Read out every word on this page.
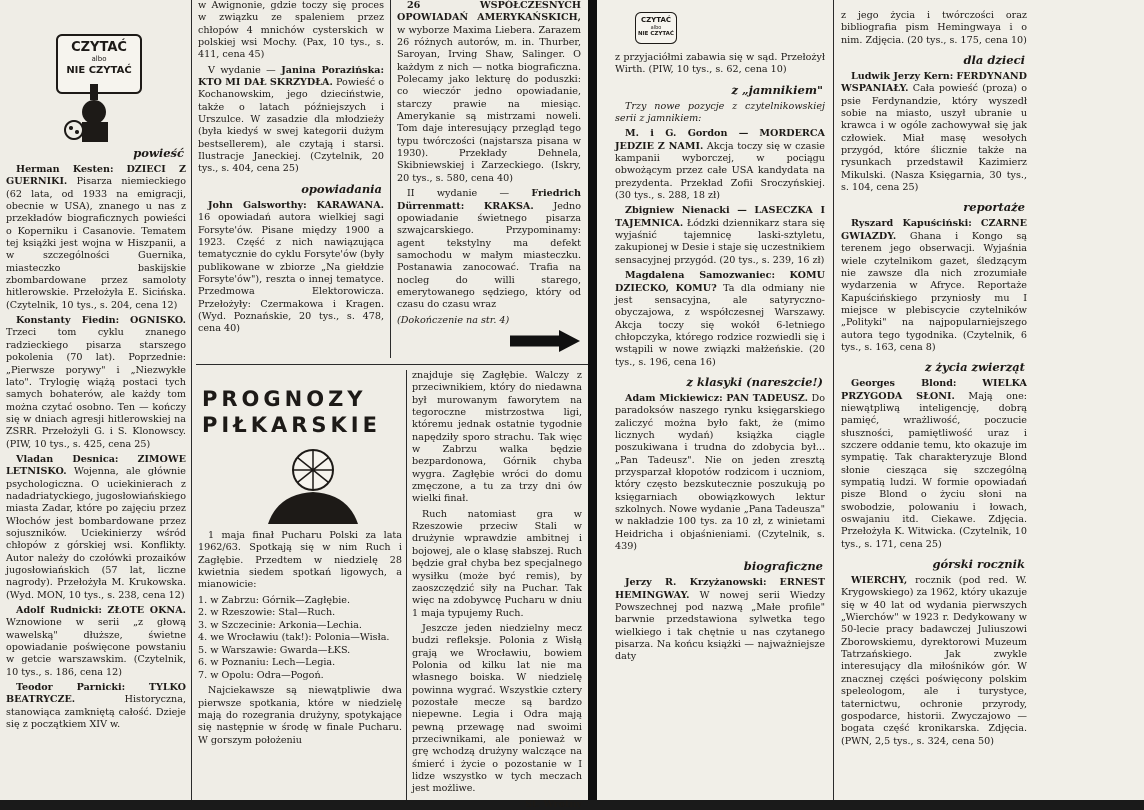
CZYTAĆ
albo
NIE CZYTAĆ
powieść

Herman Kesten: DZIECI Z GUERNIKI. Pisarza niemieckiego (62 lata, od 1933 na emigracji, obecnie w USA), znanego u nas z przekładów biograficznych powieści o Koperniku i Casanovie. Tematem tej książki jest wojna w Hiszpanii, a w szczególności Guernika, miasteczko baskijskie zbombardowane przez samoloty hitlerowskie. Przełożyła E. Sicińska. (Czytelnik, 10 tys., s. 204, cena 12)

Konstanty Fiedin: OGNISKO. Trzeci tom cyklu znanego radzieckiego pisarza starszego pokolenia (70 lat). Poprzednie: „Pierwsze porywy" i „Niezwykłe lato". Trylogię wiążą postaci tych samych bohaterów, ale każdy tom można czytać osobno. Ten — kończy się w dniach agresji hitlerowskiej na ZSRR. Przełożyli G. i S. Klonowscy. (PIW, 10 tys., s. 425, cena 25)

Vladan Desnica: ZIMOWE LETNISKO. Wojenna, ale głównie psychologiczna. O uciekinierach z nadadriatyckiego, jugosłowiańskiego miasta Zadar, które po zajęciu przez Włochów jest bombardowane przez sojuszników. Uciekinierzy wśród chłopów z górskiej wsi. Konflikty. Autor należy do czołówki prozaików jugosłowiańskich (57 lat, liczne nagrody). Przełożyła M. Krukowska. (Wyd. MON, 10 tys., s. 238, cena 12)

Adolf Rudnicki: ZŁOTE OKNA. Wznowione w serii „z głową wawelską" dłuższe, świetne opowiadanie poświęcone powstaniu w getcie warszawskim. (Czytelnik, 10 tys., s. 186, cena 12)

Teodor Parnicki: TYLKO BEATRYCZE.	Historyczna, stanowiąca zamkniętą całość. Dzieje się z początkiem XIV w.

w Awignonie, gdzie toczy się proces w związku ze spaleniem przez chłopów 4 mnichów cysterskich w polskiej wsi Mochy. (Pax, 10 tys., s. 411, cena 45)

V wydanie — Janina Porazińska: KTO MI DAŁ SKRZYDŁA. Powieść o Kochanowskim, jego dzieciństwie, także o latach późniejszych i Urszulce. W zasadzie dla młodzieży (była kiedyś w swej kategorii dużym bestsellerem), ale czytają i starsi. Ilustracje Janeckiej. (Czytelnik, 20 tys., s. 404, cena 25)

opowiadania

John Galsworthy: KARAWANA. 16 opowiadań autora wielkiej sagi Forsyte'ów. Pisane między 1900 a 1923. Część z nich nawiązująca tematycznie do cyklu Forsyte'ów (były publikowane w zbiorze „Na giełdzie Forsyte'ów"), reszta o innej tematyce. Przedmowa Elektorowicza. Przełożyły: Czermakowa i Kragen. (Wyd. Poznańskie, 20 tys., s. 478, cena 40)

26 WSPÓŁCZESNYCH OPOWIADAŃ AMERYKAŃSKICH, w wyborze Maxima Liebera. Zarazem 26 różnych autorów, m. in. Thurber, Saroyan, Irving Shaw, Salinger. O każdym z nich — notka biograficzna. Polecamy jako lekturę do poduszki: co wieczór jedno opowiadanie, starczy prawie na miesiąc. Amerykanie są mistrzami noweli. Tom daje interesujący przegląd tego typu twórczości (najstarsza pisana w 1930). Przekłady Dehnela, Skibniewskiej i Zarzeckiego. (Iskry, 20 tys., s. 580, cena 40)

II wydanie — Friedrich Dürrenmatt: KRAKSA. Jedno opowiadanie świetnego pisarza szwajcarskiego. Przypominamy: agent tekstylny ma defekt samochodu w małym miasteczku. Postanawia zanocować. Trafia na nocleg do willi starego, emerytowanego sędziego, który od czasu do czasu wraz

(Dokończenie na str. 4)

PROGNOZY
PIŁKARSKIE

1 maja finał Pucharu Polski za lata 1962/63. Spotkają się w nim Ruch i Zagłębie. Przedtem w niedzielę 28 kwietnia siedem spotkań ligowych, a mianowicie:

1. w Zabrzu: Górnik—Zagłębie.
2. w Rzeszowie: Stal—Ruch.
3. w Szczecinie: Arkonia—Lechia.
4. we Wrocławiu (tak!): Polonia—Wisła.
5. w Warszawie: Gwarda—ŁKS.
6. w Poznaniu: Lech—Legia.
7. w Opolu: Odra—Pogoń.

Najciekawsze są niewątpliwie dwa pierwsze spotkania, które w niedzielę mają do rozegrania drużyny, spotykające się następnie w środę w finale Pucharu. W gorszym położeniu

znajduje się Zagłębie. Walczy z przeciwnikiem, który do niedawna był murowanym faworytem na tegoroczne mistrzostwa ligi, któremu jednak ostatnie tygodnie napędziły sporo strachu. Tak więc w Zabrzu walka będzie bezpardonowa, Górnik chyba wygra. Zagłębie wróci do domu zmęczone, a tu za trzy dni ów wielki finał.

Ruch natomiast gra w Rzeszowie przeciw Stali w drużynie wprawdzie ambitnej i bojowej, ale o klasę słabszej. Ruch będzie grał chyba bez specjalnego wysiłku (może być remis), by zaoszczędzić siły na Puchar. Tak więc na zdobywcę Pucharu w dniu 1 maja typujemy Ruch.

Jeszcze jeden niedzielny mecz budzi refleksje. Polonia z Wisłą grają we Wrocławiu, bowiem Polonia od kilku lat nie ma własnego boiska. W niedzielę powinna wygrać. Wszystkie cztery pozostałe mecze są bardzo niepewne. Legia i Odra mają pewną przewagę nad swoimi przeciwnikami, ale ponieważ w grę wchodzą drużyny walczące na śmierć i życie o pozostanie w I lidze wszystko w tych meczach jest możliwe.

St. Wrotny
CZYTAĆ
albo
NIE CZYTAĆ

z przyjaciółmi zabawia się w sąd. Przełożył Wirth. (PIW, 10 tys., s. 62, cena 10)

z „jamnikiem"

Trzy nowe pozycje z czytelnikowskiej serii z jamnikiem:

M. i G. Gordon — MORDERCA JEDZIE Z NAMI. Akcja toczy się w czasie kampanii wyborczej, w pociągu obwożącym przez całe USA kandydata na prezydenta. Przekład Zofii Sroczyńskiej. (30 tys., s. 288, 18 zł)

Zbigniew Nienacki — LASECZKA I TAJEMNICA. Łódzki dziennikarz stara się wyjaśnić tajemnicę laski-sztyletu, zakupionej w Desie i staje się uczestnikiem sensacyjnej przygód. (20 tys., s. 239, 16 zł)

Magdalena Samozwaniec: KOMU DZIECKO, KOMU? Ta dla odmiany nie jest sensacyjna, ale satyryczno-obyczajowa, z współczesnej Warszawy. Akcja toczy się wokół 6-letniego chłopczyka, którego rodzice rozwiedli się i wstąpili w nowe związki małżeńskie. (20 tys., s. 196, cena 16)

z klasyki (nareszcie!)

Adam Mickiewicz: PAN TADEUSZ. Do paradoksów naszego rynku księgarskiego zaliczyć można było fakt, że (mimo licznych wydań) książka ciągle poszukiwana i trudna do zdobycia był... „Pan Tadeusz". Nie on jeden zresztą przysparzał kłopotów rodzicom i uczniom, który często bezskutecznie poszukują po księgarniach obowiązkowych lektur szkolnych. Nowe wydanie „Pana Tadeusza" w nakładzie 100 tys. za 10 zł, z winietami Heidricha i objaśnieniami. (Czytelnik, s. 439)

biograficzne

Jerzy R. Krzyżanowski: ERNEST HEMINGWAY. W nowej serii Wiedzy Powszechnej pod nazwą „Małe profile" barwnie przedstawiona sylwetka tego wielkiego i tak chętnie u nas czytanego pisarza. Na końcu książki — najważniejsze daty

z jego życia i twórczości oraz bibliografia pism Hemingwaya i o nim. Zdjęcia. (20 tys., s. 175, cena 10)

dla dzieci

Ludwik Jerzy Kern: FERDYNAND WSPANIAŁY. Cała powieść (proza) o psie Ferdynandzie, który wyszedł sobie na miasto, uszył ubranie u krawca i w ogóle zachowywał się jak człowiek. Miał masę wesołych przygód, które ślicznie także na rysunkach przedstawił Kazimierz Mikulski. (Nasza Księgarnia, 30 tys., s. 104, cena 25)

reportaże

Ryszard Kapuściński: CZARNE GWIAZDY. Ghana i Kongo są terenem jego obserwacji. Wyjaśnia wiele czytelnikom gazet, śledzącym nie zawsze dla nich zrozumiałe wydarzenia w Afryce. Reportaże Kapuścińskiego przyniosły mu I miejsce w plebiscycie czytelników „Polityki" na najpopularniejszego autora tego tygodnika. (Czytelnik, 6 tys., s. 163, cena 8)

z życia zwierząt

Georges Blond:	WIELKA PRZYGODA SŁONI. Mają one: niewątpliwą inteligencję, dobrą pamięć, wrażliwość, poczucie słuszności, pamiętliwość uraz i szczere oddanie temu, kto okazuje im sympatię. Tak charakteryzuje Blond słonie ciesząca się szczególną sympatią ludzi. W formie opowiadań pisze Blond o życiu słoni na swobodzie, polowaniu i łowach, oswajaniu itd. Ciekawe. Zdjęcia. Przełożyła K. Witwicka. (Czytelnik, 10 tys., s. 171, cena 25)

górski rocznik

WIERCHY, rocznik (pod red. W. Krygowskiego) za 1962, który ukazuje się w 40 lat od wydania pierwszych „Wierchów" w 1923 r. Dedykowany w 50-lecie pracy badawczej Juliuszowi Zborowskiemu, dyrektorowi Muzeum Tatrzańskiego. Jak zwykle interesujący dla miłośników gór. W znacznej części poświęcony polskim speleologom, ale i turystyce, taternictwu, ochronie przyrody, gospodarce, historii. Zwyczajowo — bogata część kronikarska. Zdjęcia. (PWN, 2,5 tys., s. 324, cena 50)
